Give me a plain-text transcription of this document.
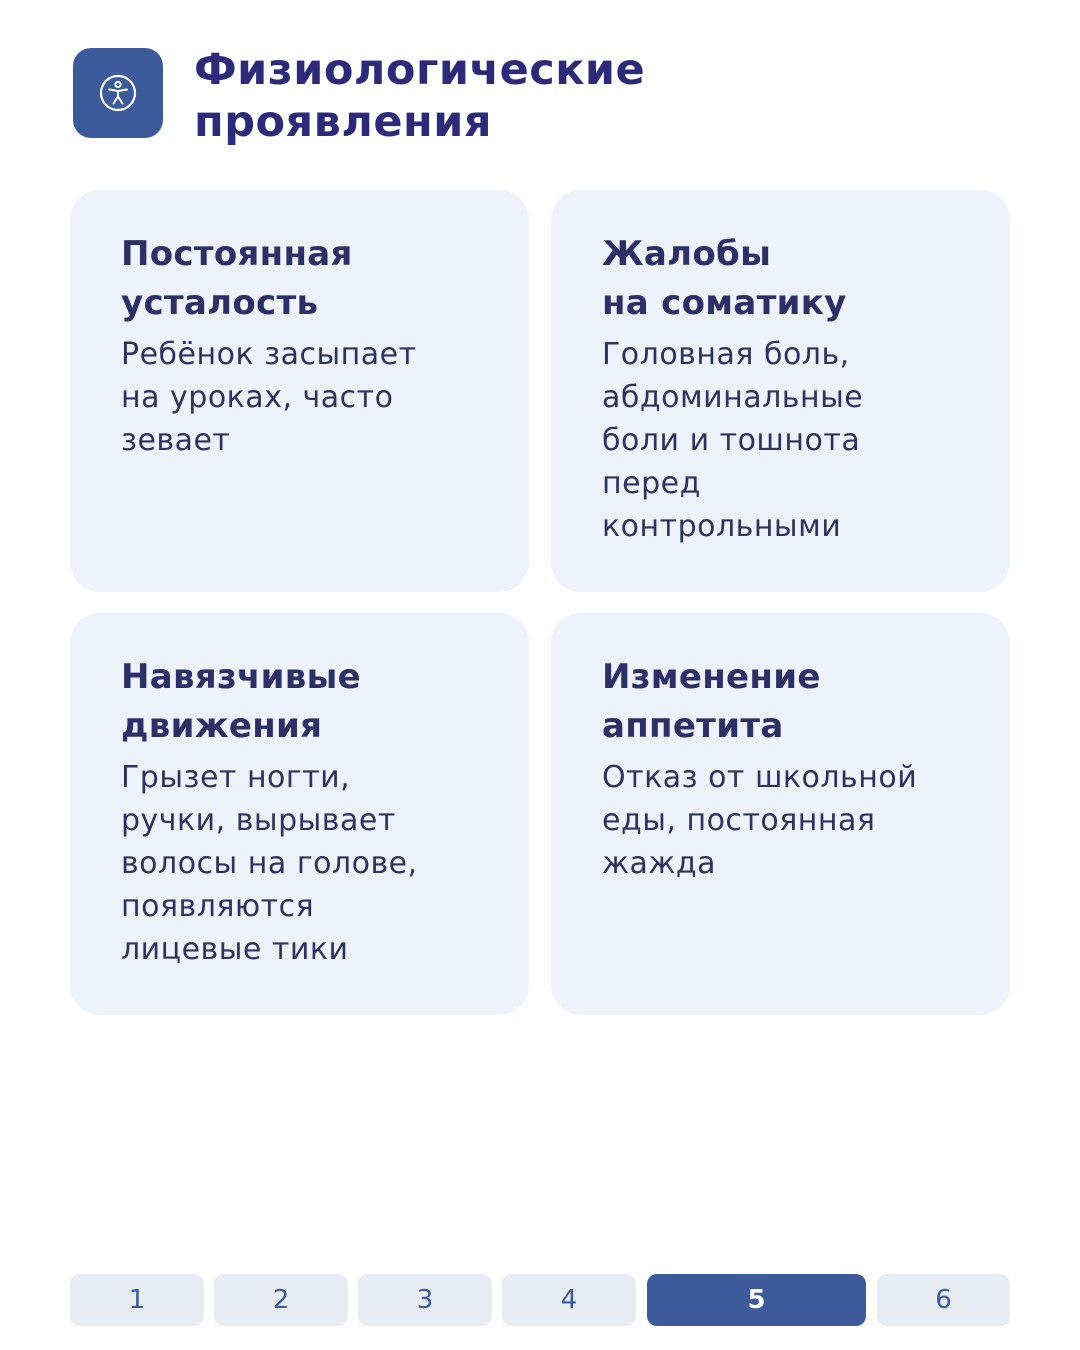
Физиологические
проявления
Постоянная
усталость
Ребёнок засыпает
на уроках, часто
зевает
Жалобы
на соматику
Головная боль,
абдоминальные
боли и тошнота
перед
контрольными
Навязчивые
движения
Грызет ногти,
ручки, вырывает
волосы на голове,
появляются
лицевые тики
Изменение
аппетита
Отказ от школьной
еды, постоянная
жажда
1	2	3	4	5	6
